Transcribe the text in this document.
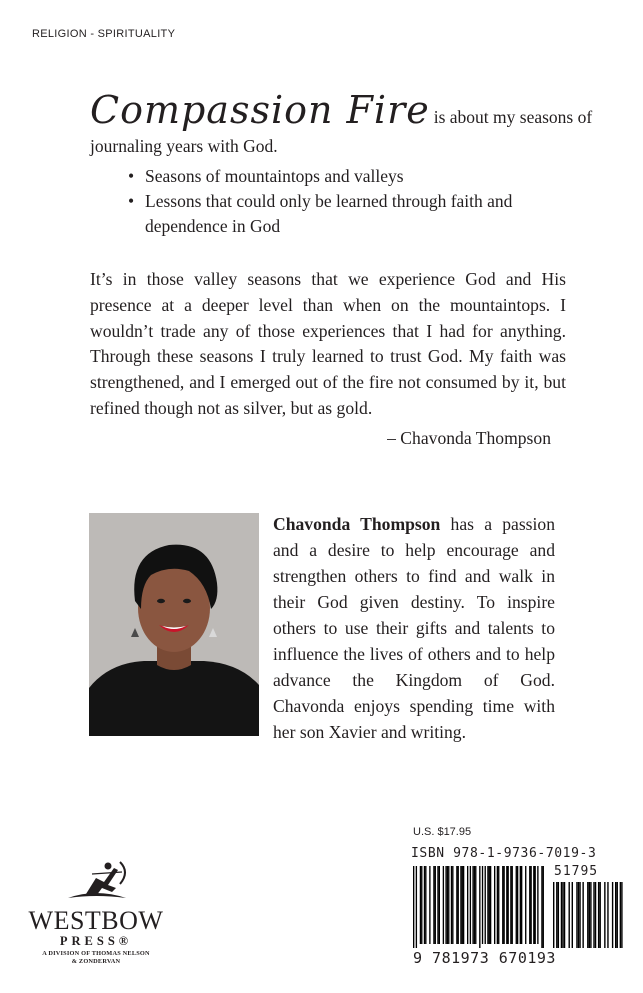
RELIGION - SPIRITUALITY
Compassion Fire is about my seasons of
journaling years with God.
• Seasons of mountaintops and valleys
• Lessons that could only be learned through faith and dependence in God

It’s in those valley seasons that we experience God and His presence at a deeper level than when on the mountaintops. I wouldn’t trade any of those experiences that I had for anything. Through these seasons I truly learned to trust God. My faith was strengthened, and I emerged out of the fire not consumed by it, but refined though not as silver, but as gold.

– Chavonda Thompson
Chavonda Thompson has a passion and a desire to help encourage and strengthen others to find and walk in their God given destiny. To inspire others to use their gifts and talents to influence the lives of others and to help advance the Kingdom of God. Chavonda enjoys spending time with her son Xavier and writing.
U.S. $17.95
ISBN 978-1-9736-7019-3
51795
9 781973 670193
WESTBOW
PRESS®
A DIVISION OF THOMAS NELSON
& ZONDERVAN
